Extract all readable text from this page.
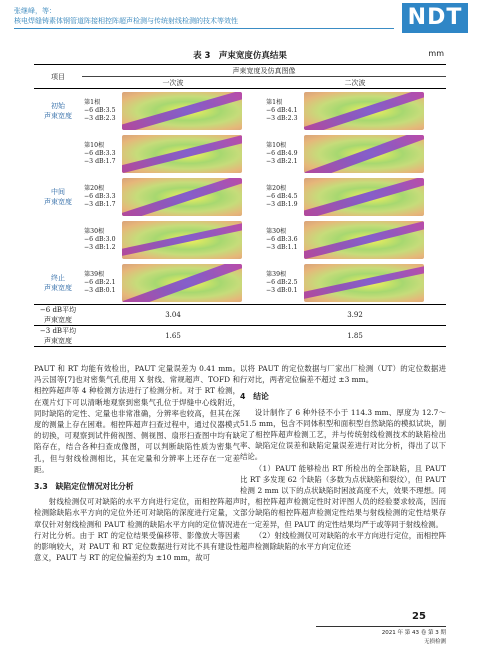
张继峰，等：
核电焊缝铸素体钢管道阵接相控阵超声检测与传统射线检测的技术等效性	NDT
表 3　声束宽度仿真结果	mm
项目	声束宽度及仿真图像	
	一次波	二次波
初始
声束宽度	第1根
−6 dB:3.5
−3 dB:2.3	第1根
−6 dB:4.1
−3 dB:2.3

	第10根
−6 dB:3.3
−3 dB:1.7	第10根
−6 dB:4.9
−3 dB:2.1

中间
声束宽度	第20根
−6 dB:3.3
−3 dB:1.7	第20根
−6 dB:4.5
−3 dB:1.9

	第30根
−6 dB:3.0
−3 dB:1.2	第30根
−6 dB:3.6
−3 dB:1.1

终止
声束宽度	第39根
−6 dB:2.1
−3 dB:0.1	第39根
−6 dB:2.5
−3 dB:0.1

−6 dB平均
声束宽度	3.04	3.92
−3 dB平均
声束宽度	1.65	1.85

PAUT 和 RT 均能有效检出，PAUT 定量误差为 0.41 mm。冯云国等[7]也对密集气孔使用 X 射线、常规超声、TOFD 和相控阵超声等 4 种检测方法进行了检测分析。对于 RT 检测，在观片灯下可以清晰地观察到密集气孔位于焊缝中心线附近，同时缺陷的定性、定量也非常准确，分辨率也较高，但其在深度的测量上存在困难。相控阵超声扫查过程中，通过仪器模式的切换，可观察到试件俯视图、侧视图、扇形扫查图中均有缺陷存在，结合各种扫查成像图，可以判断缺陷性质为密集气孔，但与射线检测相比，其在定量和分辨率上还存在一定差距。

3.3　缺陷定位情况对比分析

射线检测仅可对缺陷的水平方向进行定位，而相控阵超声检测除缺陷水平方向的定位外还可对缺陷的深度进行定量，文章仅针对射线检测和 PAUT 检测的缺陷水平方向的定位情况进行对比分析。由于 RT 的定位结果受偏移带、影像放大等因素的影响较大，对 PAUT 和 RT 定位数据进行对比不具有建设性意义，PAUT 与 RT 的定位偏差约为 ±10 mm，故可

以将 PAUT 的定位数据与厂家出厂检测（UT）的定位数据进行对比，两者定位偏差不超过 ±3 mm。

4　结论

设计制作了 6 种外径不小于 114.3 mm、厚度为 12.7～51.5 mm，包含不同体积型和面积型自然缺陷的模拟试块，制定了相控阵超声检测工艺，并与传统射线检测技术的缺陷检出率、缺陷定位误差和缺陷定量误差进行对比分析，得出了以下结论。

（1）PAUT 能够检出 RT 所检出的全部缺陷，且 PAUT 比 RT 多发现 62 个缺陷（多数为点状缺陷和裂纹），但 PAUT 检测 2 mm 以下的点状缺陷时困波高度不大，效果不理想。同时，相控阵超声检测定性时对评图人员的经验要求较高，因而部分缺陷的相控阵超声检测定性结果与射线检测的定性结果存在一定差异，但 PAUT 的定性结果均严于或等同于射线检测。

（2）射线检测仅可对缺陷的水平方向进行定位，而相控阵超声检测除缺陷的水平方向定位还

25
2021 年 第 43 卷 第 3 期
无损检测
